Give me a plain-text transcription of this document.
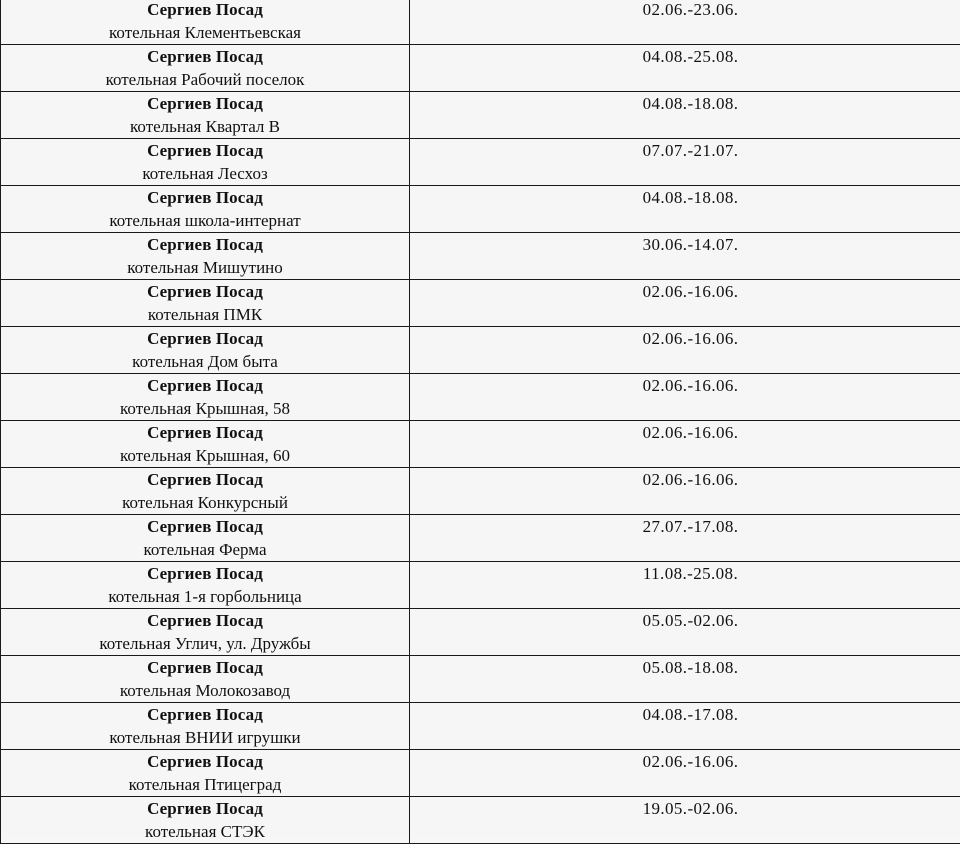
Сергиев Посад
котельная Клементьевская	02.06.-23.06.

Сергиев Посад
котельная Рабочий поселок	04.08.-25.08.

Сергиев Посад
котельная Квартал В	04.08.-18.08.

Сергиев Посад
котельная Лесхоз	07.07.-21.07.

Сергиев Посад
котельная школа-интернат	04.08.-18.08.

Сергиев Посад
котельная Мишутино	30.06.-14.07.

Сергиев Посад
котельная ПМК	02.06.-16.06.

Сергиев Посад
котельная Дом быта	02.06.-16.06.

Сергиев Посад
котельная Крышная, 58	02.06.-16.06.

Сергиев Посад
котельная Крышная, 60	02.06.-16.06.

Сергиев Посад
котельная Конкурсный	02.06.-16.06.

Сергиев Посад
котельная Ферма	27.07.-17.08.

Сергиев Посад
котельная 1-я горбольница	11.08.-25.08.

Сергиев Посад
котельная Углич, ул. Дружбы	05.05.-02.06.

Сергиев Посад
котельная Молокозавод	05.08.-18.08.

Сергиев Посад
котельная ВНИИ игрушки	04.08.-17.08.

Сергиев Посад
котельная Птицеград	02.06.-16.06.

Сергиев Посад
котельная СТЭК	19.05.-02.06.
